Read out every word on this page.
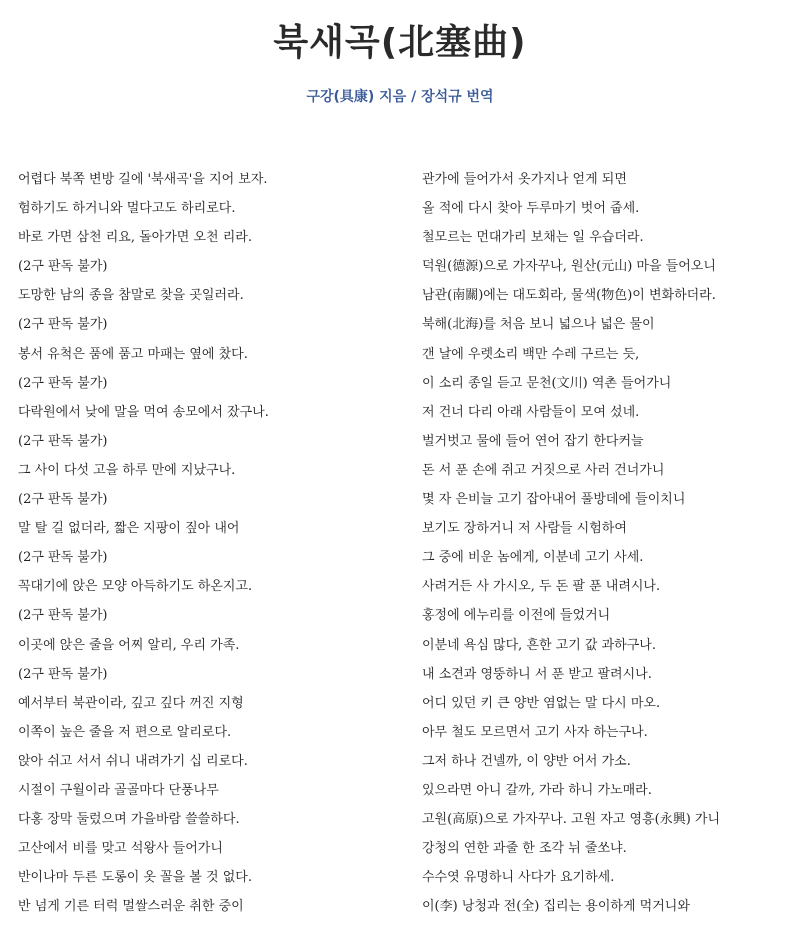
북새곡(北塞曲)
구강(具康) 지음 / 장석규 번역
어렵다 북쪽 변방 길에 '북새곡'을 지어 보자.
험하기도 하거니와 멀다고도 하리로다.
바로 가면 삼천 리요, 돌아가면 오천 리라.
(2구 판독 불가)
도망한 남의 종을 참말로 찾을 곳일러라.
(2구 판독 불가)
봉서 유척은 품에 품고 마패는 옆에 찼다.
(2구 판독 불가)
다락원에서 낮에 말을 먹여 송모에서 잤구나.
(2구 판독 불가)
그 사이 다섯 고을 하루 만에 지났구나.
(2구 판독 불가)
말 탈 길 없더라, 짧은 지팡이 짚아 내어
(2구 판독 불가)
꼭대기에 앉은 모양 아득하기도 하온지고.
(2구 판독 불가)
이곳에 앉은 줄을 어찌 알리, 우리 가족.
(2구 판독 불가)
예서부터 북관이라, 깊고 깊다 꺼진 지형
이쪽이 높은 줄을 저 편으로 알리로다.
앉아 쉬고 서서 쉬니 내려가기 십 리로다.
시절이 구월이라 골골마다 단풍나무
다홍 장막 둘렀으며 가을바람 쓸쓸하다.
고산에서 비를 맞고 석왕사 들어가니
반이나마 두른 도롱이 옷 꼴을 볼 것 없다.
반 넘게 기른 터럭 멀쌀스러운 취한 중이
관가에 들어가서 옷가지나 얻게 되면
올 적에 다시 찾아 두루마기 벗어 줍세.
철모르는 먼대가리 보채는 일 우습더라.
덕원(德源)으로 가자꾸나, 원산(元山) 마을 들어오니
남관(南關)에는 대도회라, 물색(物色)이 변화하더라.
북해(北海)를 처음 보니 넓으나 넓은 물이
갠 날에 우렛소리 백만 수레 구르는 듯,
이 소리 종일 듣고 문천(文川) 역촌 들어가니
저 건너 다리 아래 사람들이 모여 섰네.
벌거벗고 물에 들어 연어 잡기 한다커늘
돈 서 푼 손에 쥐고 거짓으로 사러 건너가니
몇 자 은비늘 고기 잡아내어 풀방데에 들이치니
보기도 장하거니 저 사람들 시험하여
그 중에 비운 놈에게, 이분네 고기 사세.
사려거든 사 가시오, 두 돈 팔 푼 내려시나.
홍정에 에누리를 이전에 들었거니
이분네 욕심 많다, 흔한 고기 값 과하구나.
내 소견과 영뚱하니 서 푼 받고 팔려시나.
어디 있던 키 큰 양반 염없는 말 다시 마오.
아무 철도 모르면서 고기 사자 하는구나.
그저 하나 건넬까, 이 양반 어서 가소.
있으라면 아니 갈까, 가라 하니 가노매라.
고원(高原)으로 가자꾸나. 고원 자고 영흥(永興) 가니
강청의 연한 과줄 한 조각 뉘 줄쏘냐.
수수엿 유명하니 사다가 요기하세.
이(李) 낭청과 전(全) 집리는 용이하게 먹거니와
